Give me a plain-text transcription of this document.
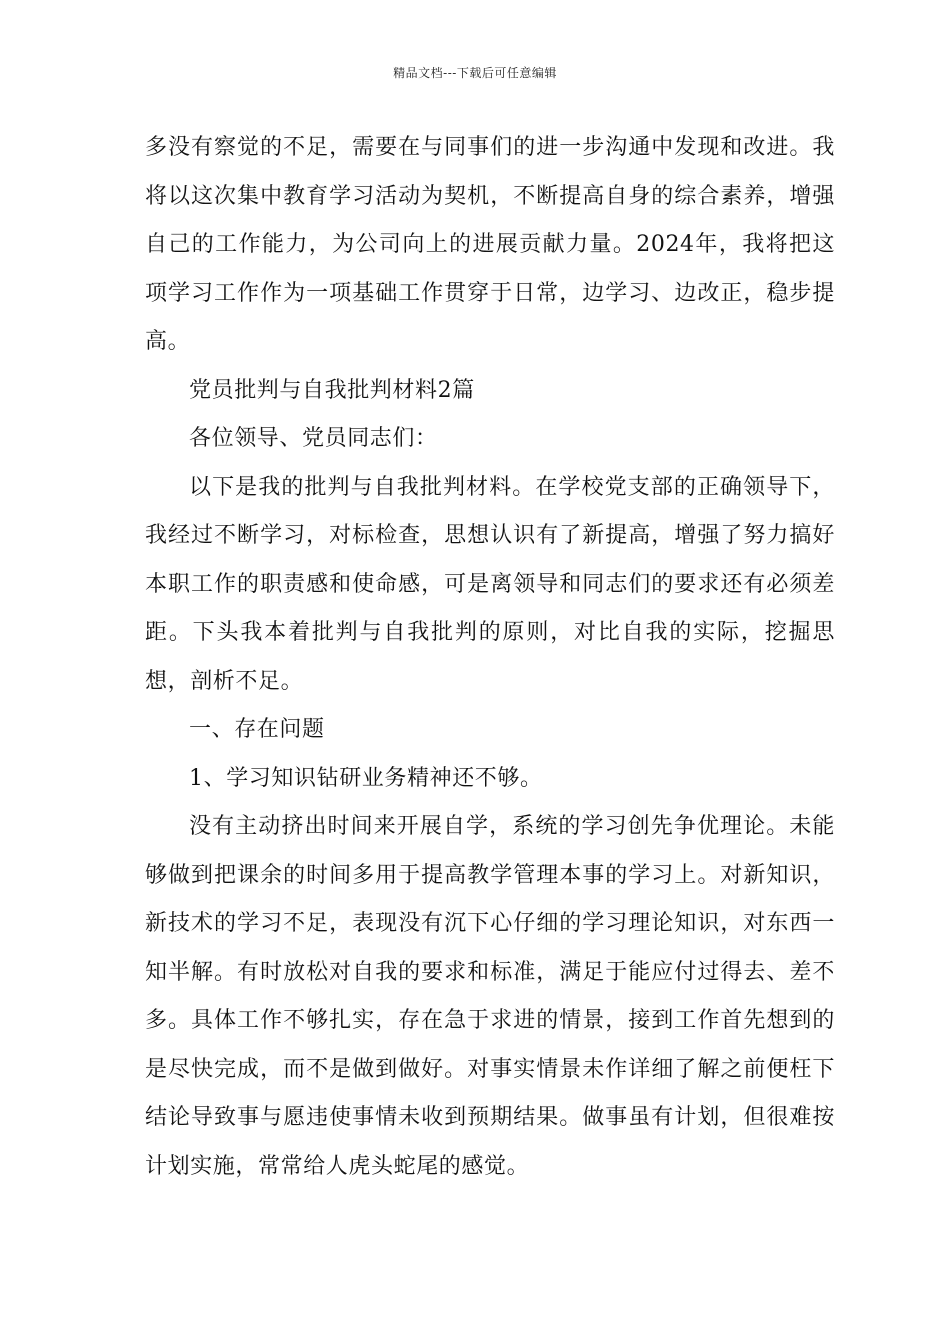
精品文档---下载后可任意编辑

多没有察觉的不足，需要在与同事们的进一步沟通中发现和改进。我将以这次集中教育学习活动为契机，不断提高自身的综合素养，增强自己的工作能力，为公司向上的进展贡献力量。2024年，我将把这项学习工作作为一项基础工作贯穿于日常，边学习、边改正，稳步提高。

党员批判与自我批判材料2篇

各位领导、党员同志们：

以下是我的批判与自我批判材料。在学校党支部的正确领导下，我经过不断学习，对标检查，思想认识有了新提高，增强了努力搞好本职工作的职责感和使命感，可是离领导和同志们的要求还有必须差距。下头我本着批判与自我批判的原则，对比自我的实际，挖掘思想，剖析不足。

一、存在问题

1、学习知识钻研业务精神还不够。

没有主动挤出时间来开展自学，系统的学习创先争优理论。未能够做到把课余的时间多用于提高教学管理本事的学习上。对新知识，新技术的学习不足，表现没有沉下心仔细的学习理论知识，对东西一知半解。有时放松对自我的要求和标准，满足于能应付过得去、差不多。具体工作不够扎实，存在急于求进的情景，接到工作首先想到的是尽快完成，而不是做到做好。对事实情景未作详细了解之前便枉下结论导致事与愿违使事情未收到预期结果。做事虽有计划，但很难按计划实施，常常给人虎头蛇尾的感觉。
